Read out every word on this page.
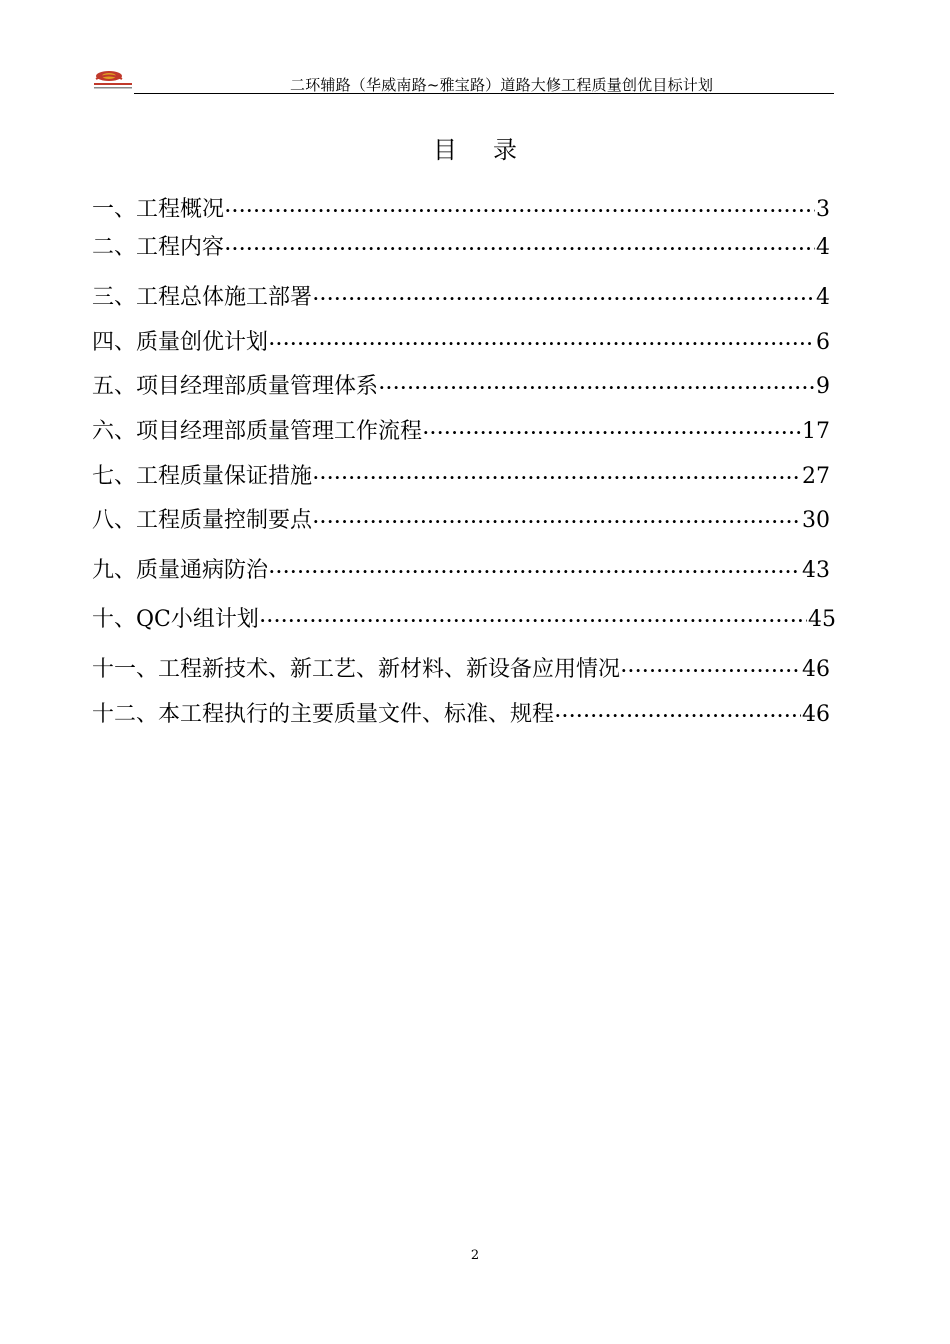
二环辅路（华威南路~雅宝路）道路大修工程质量创优目标计划
目 录
一、工程概况 ·····	3
二、工程内容 ·····	4
三、工程总体施工部署 ·····	4
四、质量创优计划 ·····	6
五、项目经理部质量管理体系 ·····	9
六、项目经理部质量管理工作流程 ·····	17
七、工程质量保证措施 ·····	27
八、工程质量控制要点 ·····	30
九、质量通病防治 ·····	43
十、QC小组计划 ·····	45
十一、工程新技术、新工艺、新材料、新设备应用情况 ·····	46
十二、本工程执行的主要质量文件、标准、规程 ·····	46
2
